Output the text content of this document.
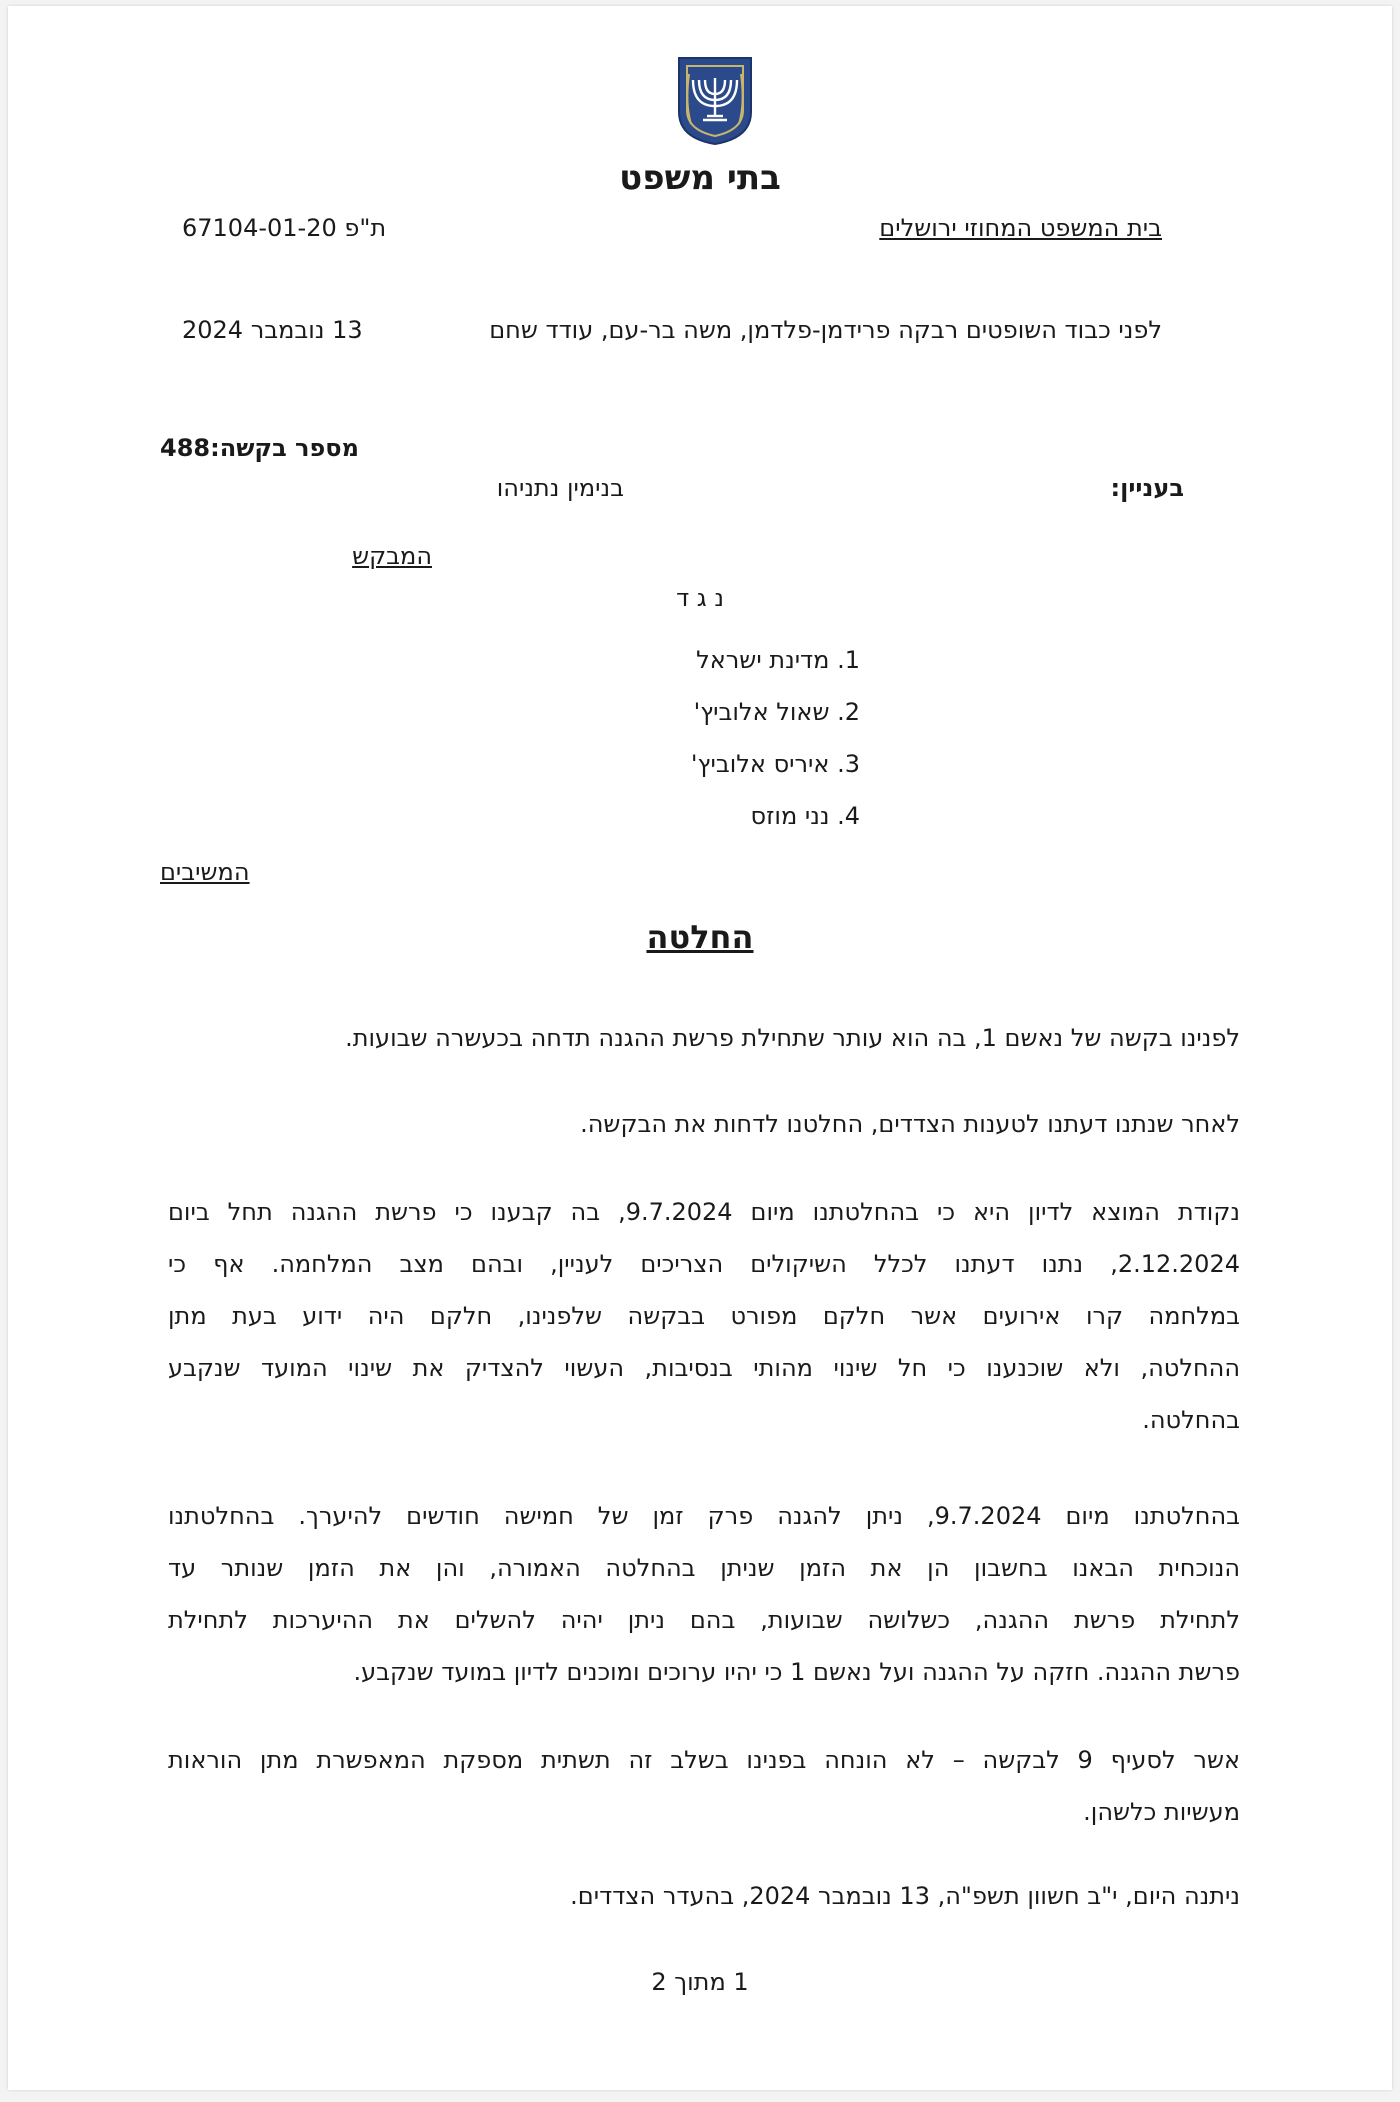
בתי משפט
בית המשפט המחוזי ירושלים
ת"פ 67104-01-20
לפני כבוד השופטים רבקה פרידמן-פלדמן, משה בר-עם, עודד שחם
13 נובמבר 2024
מספר בקשה:488
בעניין:
בנימין נתניהו
המבקש
נ ג ד
1. מדינת ישראל
2. שאול אלוביץ'
3. איריס אלוביץ'
4. נני מוזס
המשיבים
החלטה
לפנינו בקשה של נאשם 1, בה הוא עותר שתחילת פרשת ההגנה תדחה בכעשרה שבועות.
לאחר שנתנו דעתנו לטענות הצדדים, החלטנו לדחות את הבקשה.
נקודת המוצא לדיון היא כי בהחלטתנו מיום 9.7.2024, בה קבענו כי פרשת ההגנה תחל ביום
2.12.2024, נתנו דעתנו לכלל השיקולים הצריכים לעניין, ובהם מצב המלחמה. אף כי
במלחמה קרו אירועים אשר חלקם מפורט בבקשה שלפנינו, חלקם היה ידוע בעת מתן
ההחלטה, ולא שוכנענו כי חל שינוי מהותי בנסיבות, העשוי להצדיק את שינוי המועד שנקבע
בהחלטה.
בהחלטתנו מיום 9.7.2024, ניתן להגנה פרק זמן של חמישה חודשים להיערך. בהחלטתנו
הנוכחית הבאנו בחשבון הן את הזמן שניתן בהחלטה האמורה, והן את הזמן שנותר עד
לתחילת פרשת ההגנה, כשלושה שבועות, בהם ניתן יהיה להשלים את ההיערכות לתחילת
פרשת ההגנה. חזקה על ההגנה ועל נאשם 1 כי יהיו ערוכים ומוכנים לדיון במועד שנקבע.
אשר לסעיף 9 לבקשה – לא הונחה בפנינו בשלב זה תשתית מספקת המאפשרת מתן הוראות
מעשיות כלשהן.
ניתנה היום, י"ב חשוון תשפ"ה, 13 נובמבר 2024, בהעדר הצדדים.
1 מתוך 2
